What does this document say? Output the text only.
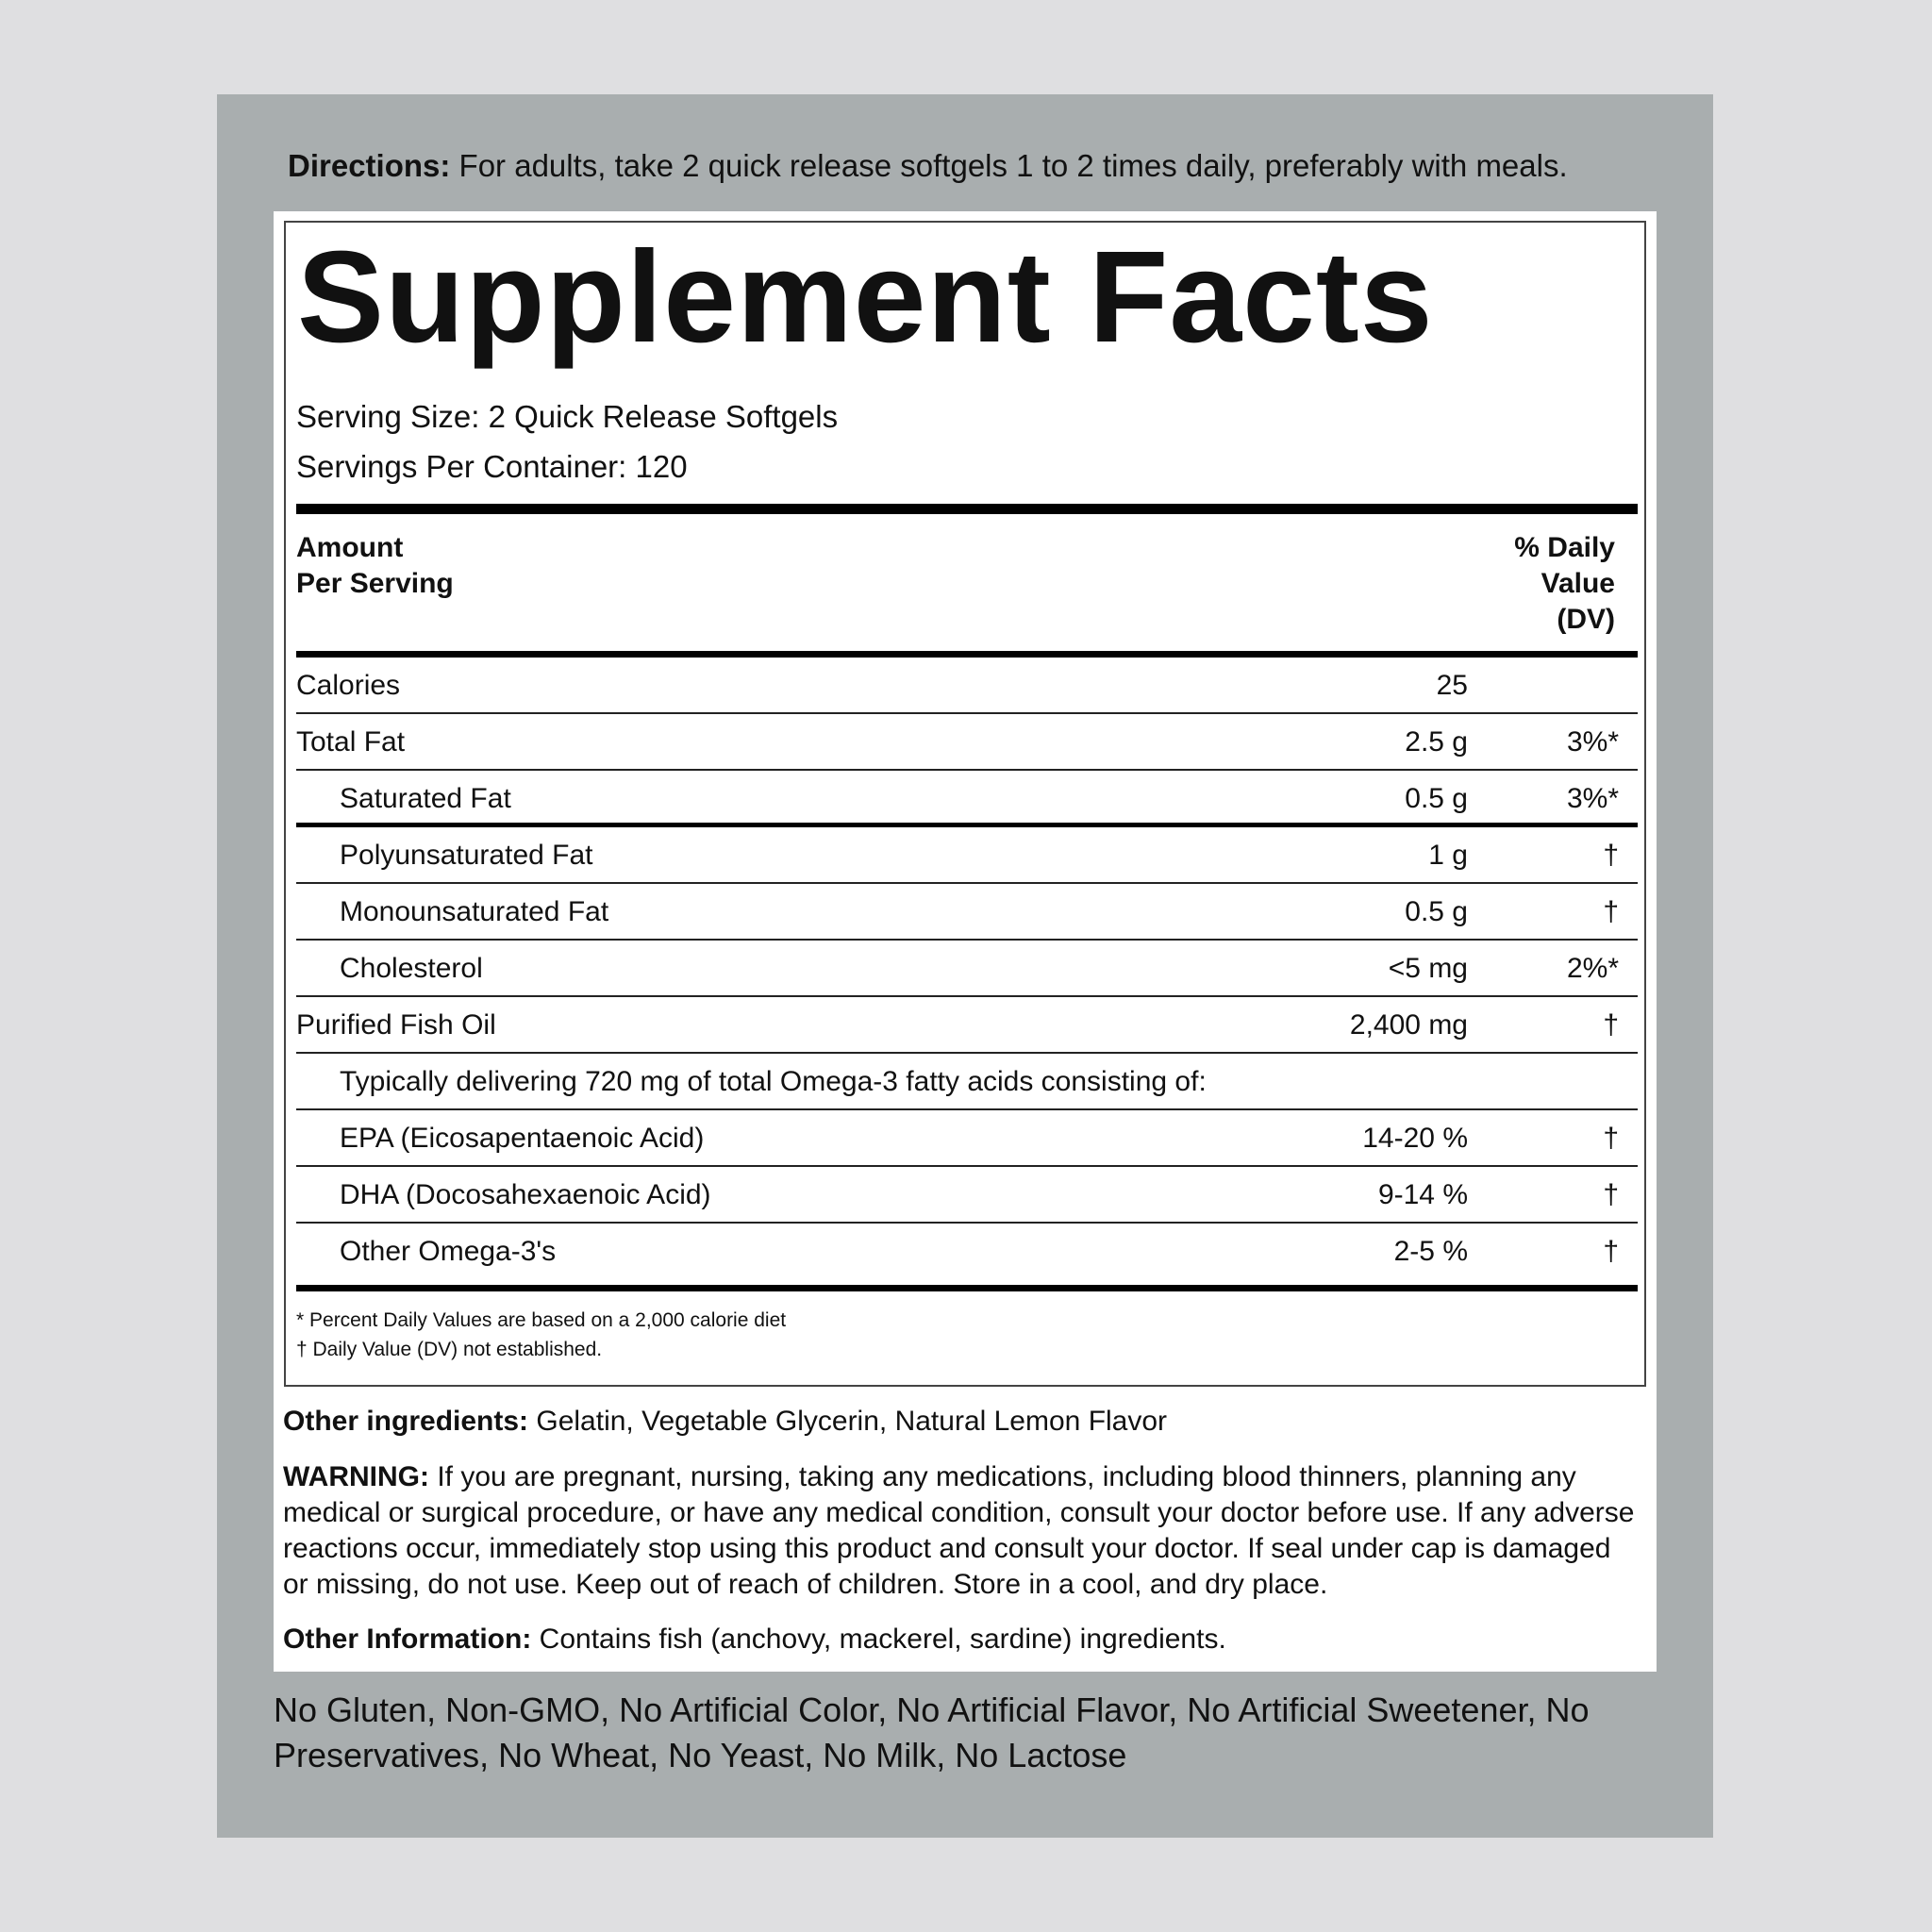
Directions: For adults, take 2 quick release softgels 1 to 2 times daily, preferably with meals.
Supplement Facts
Serving Size: 2 Quick Release Softgels
Servings Per Container: 120
Amount
Per Serving
% Daily
Value
(DV)
Calories	25
Total Fat	2.5 g	3%*
Saturated Fat	0.5 g	3%*
Polyunsaturated Fat	1 g	†
Monounsaturated Fat	0.5 g	†
Cholesterol	<5 mg	2%*
Purified Fish Oil	2,400 mg	†
Typically delivering 720 mg of total Omega-3 fatty acids consisting of:
EPA (Eicosapentaenoic Acid)	14-20 %	†
DHA (Docosahexaenoic Acid)	9-14 %	†
Other Omega-3's	2-5 %	†
* Percent Daily Values are based on a 2,000 calorie diet
† Daily Value (DV) not established.
Other ingredients: Gelatin, Vegetable Glycerin, Natural Lemon Flavor
WARNING: If you are pregnant, nursing, taking any medications, including blood thinners, planning any medical or surgical procedure, or have any medical condition, consult your doctor before use. If any adverse reactions occur, immediately stop using this product and consult your doctor. If seal under cap is damaged or missing, do not use. Keep out of reach of children. Store in a cool, and dry place.
Other Information: Contains fish (anchovy, mackerel, sardine) ingredients.
No Gluten, Non-GMO, No Artificial Color, No Artificial Flavor, No Artificial Sweetener, No Preservatives, No Wheat, No Yeast, No Milk, No Lactose
